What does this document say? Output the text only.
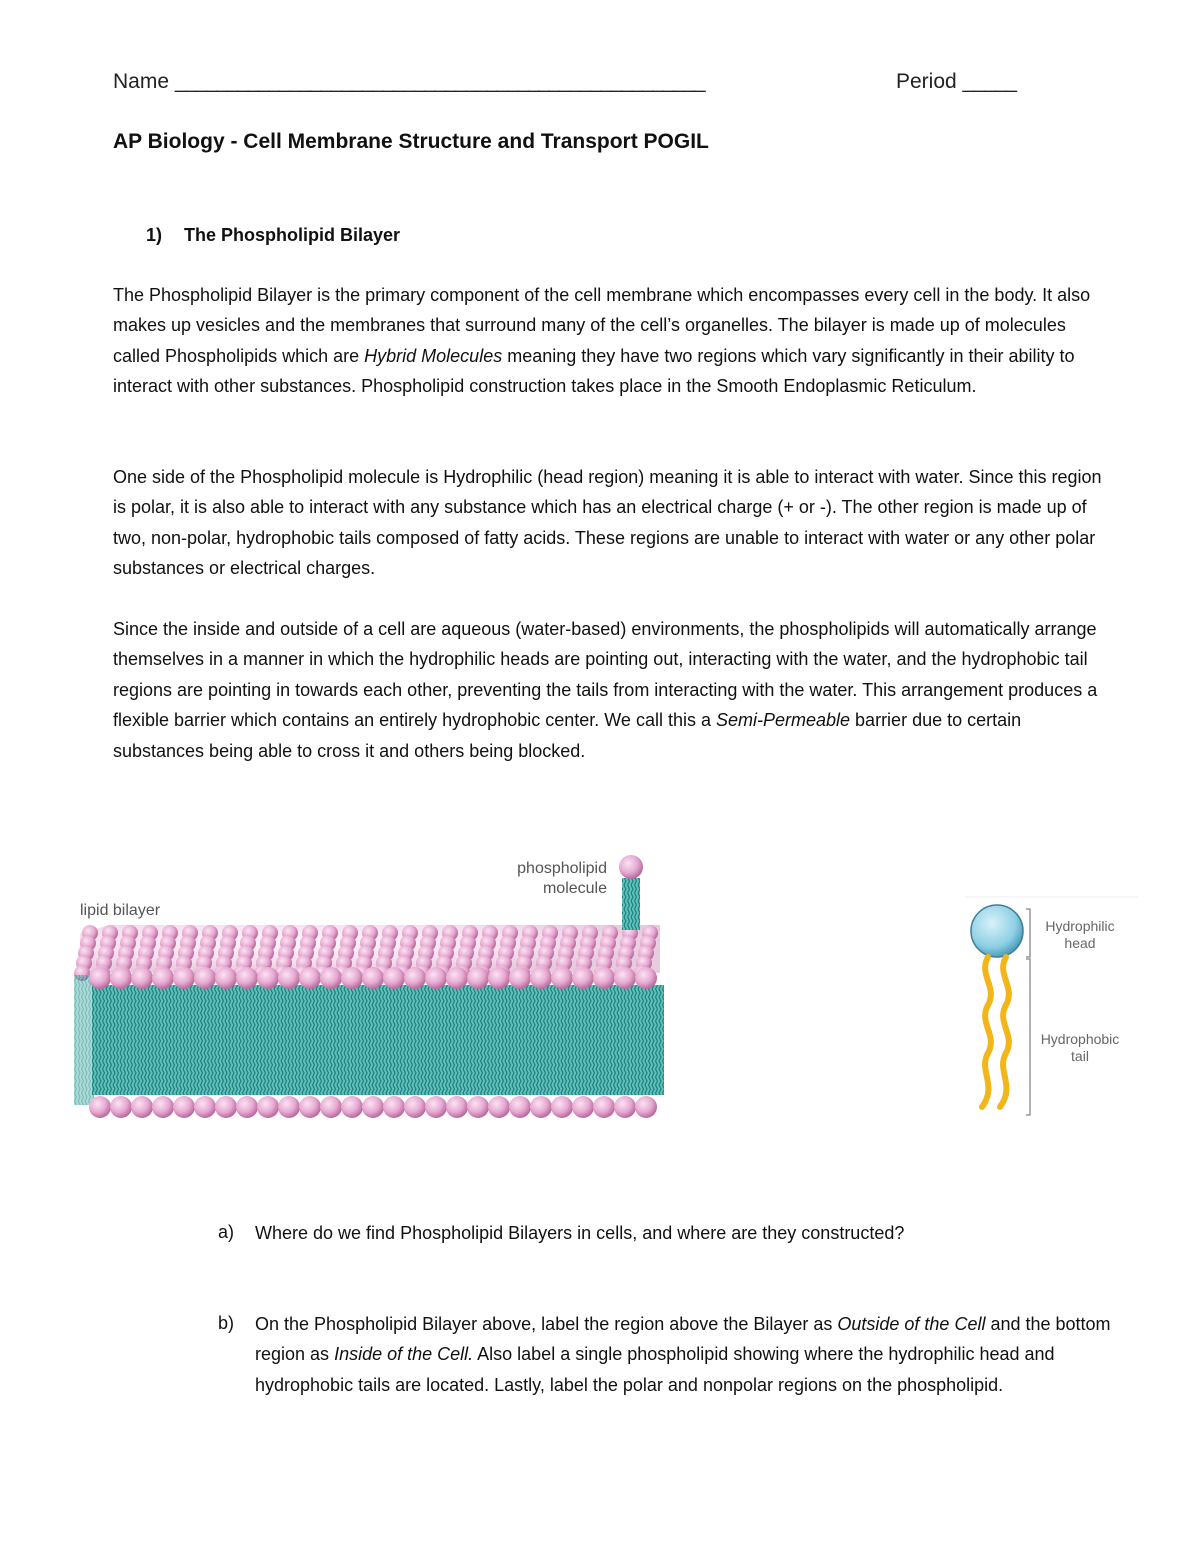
Name ___________________________________________________	Period _____
AP Biology - Cell Membrane Structure and Transport POGIL
1) The Phospholipid Bilayer
The Phospholipid Bilayer is the primary component of the cell membrane which encompasses every cell in the body. It also makes up vesicles and the membranes that surround many of the cell’s organelles. The bilayer is made up of molecules called Phospholipids which are Hybrid Molecules meaning they have two regions which vary significantly in their ability to interact with other substances. Phospholipid construction takes place in the Smooth Endoplasmic Reticulum.
One side of the Phospholipid molecule is Hydrophilic (head region) meaning it is able to interact with water. Since this region is polar, it is also able to interact with any substance which has an electrical charge (+ or -). The other region is made up of two, non-polar, hydrophobic tails composed of fatty acids. These regions are unable to interact with water or any other polar substances or electrical charges.
Since the inside and outside of a cell are aqueous (water-based) environments, the phospholipids will automatically arrange themselves in a manner in which the hydrophilic heads are pointing out, interacting with the water, and the hydrophobic tail regions are pointing in towards each other, preventing the tails from interacting with the water. This arrangement produces a flexible barrier which contains an entirely hydrophobic center. We call this a Semi-Permeable barrier due to certain substances being able to cross it and others being blocked.
lipid bilayer
phospholipid
molecule
Hydrophilic
head
Hydrophobic
tail
a) Where do we find Phospholipid Bilayers in cells, and where are they constructed?
b) On the Phospholipid Bilayer above, label the region above the Bilayer as Outside of the Cell and the bottom region as Inside of the Cell. Also label a single phospholipid showing where the hydrophilic head and hydrophobic tails are located. Lastly, label the polar and nonpolar regions on the phospholipid.
